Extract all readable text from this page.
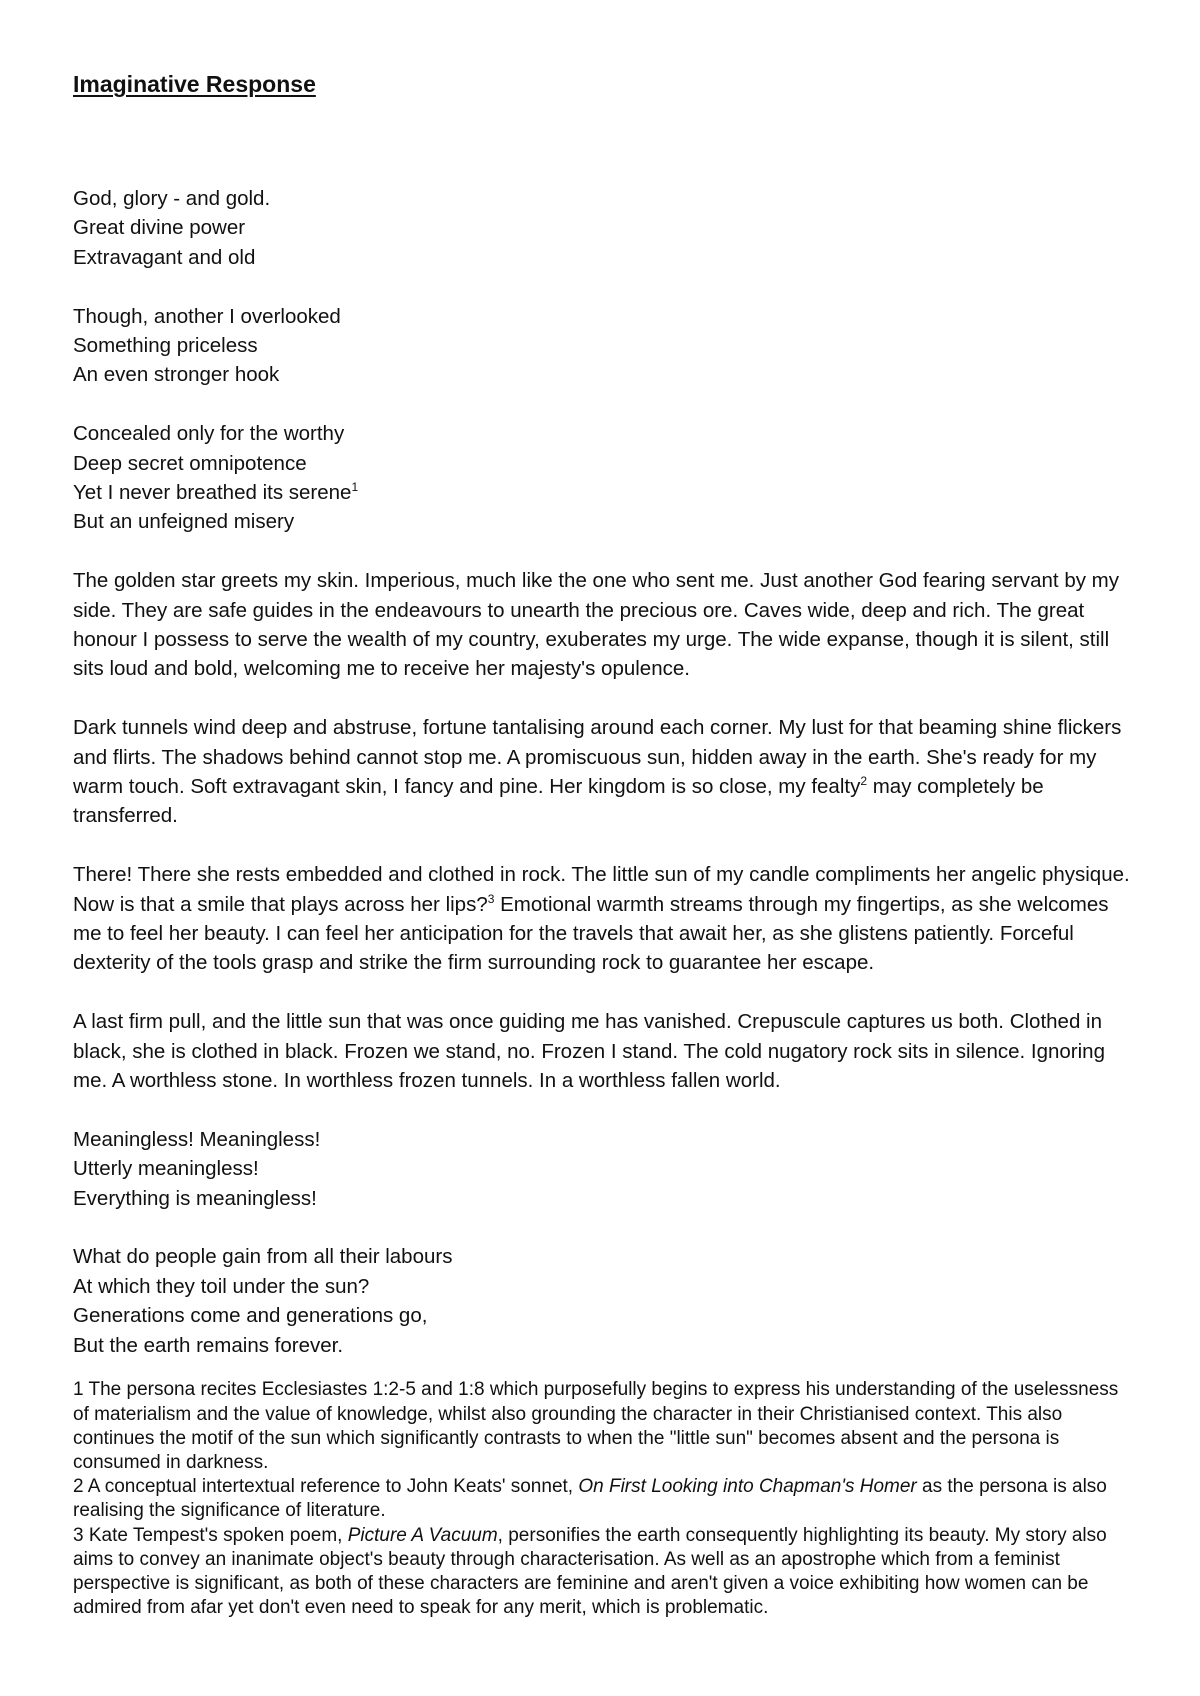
Imaginative Response
God, glory - and gold.
Great divine power
Extravagant and old
Though, another I overlooked
Something priceless
An even stronger hook
Concealed only for the worthy
Deep secret omnipotence
Yet I never breathed its serene$^1$
But an unfeigned misery

The golden star greets my skin. Imperious, much like the one who sent me. Just another God fearing servant by my side. They are safe guides in the endeavours to unearth the precious ore. Caves wide, deep and rich. The great honour I possess to serve the wealth of my country, exuberates my urge. The wide expanse, though it is silent, still sits loud and bold, welcoming me to receive her majesty's opulence.

Dark tunnels wind deep and abstruse, fortune tantalising around each corner. My lust for that beaming shine flickers and flirts. The shadows behind cannot stop me. A promiscuous sun, hidden away in the earth. She's ready for my warm touch. Soft extravagant skin, I fancy and pine. Her kingdom is so close, my fealty$^2$ may completely be transferred.

There! There she rests embedded and clothed in rock. The little sun of my candle compliments her angelic physique. Now is that a smile that plays across her lips?$^3$ Emotional warmth streams through my fingertips, as she welcomes me to feel her beauty. I can feel her anticipation for the travels that await her, as she glistens patiently. Forceful dexterity of the tools grasp and strike the firm surrounding rock to guarantee her escape.

A last firm pull, and the little sun that was once guiding me has vanished. Crepuscule captures us both. Clothed in black, she is clothed in black. Frozen we stand, no. Frozen I stand. The cold nugatory rock sits in silence. Ignoring me. A worthless stone. In worthless frozen tunnels. In a worthless fallen world.

Meaningless! Meaningless!
Utterly meaningless!
Everything is meaningless!
What do people gain from all their labours
At which they toil under the sun?
Generations come and generations go,
But the earth remains forever.

1 The persona recites Ecclesiastes 1:2-5 and 1:8 which purposefully begins to express his understanding of the uselessness of materialism and the value of knowledge, whilst also grounding the character in their Christianised context. This also continues the motif of the sun which significantly contrasts to when the "little sun" becomes absent and the persona is consumed in darkness.

2 A conceptual intertextual reference to John Keats' sonnet, On First Looking into Chapman's Homer as the persona is also realising the significance of literature.

3 Kate Tempest's spoken poem, Picture A Vacuum, personifies the earth consequently highlighting its beauty. My story also aims to convey an inanimate object's beauty through characterisation. As well as an apostrophe which from a feminist perspective is significant, as both of these characters are feminine and aren't given a voice exhibiting how women can be admired from afar yet don't even need to speak for any merit, which is problematic.
